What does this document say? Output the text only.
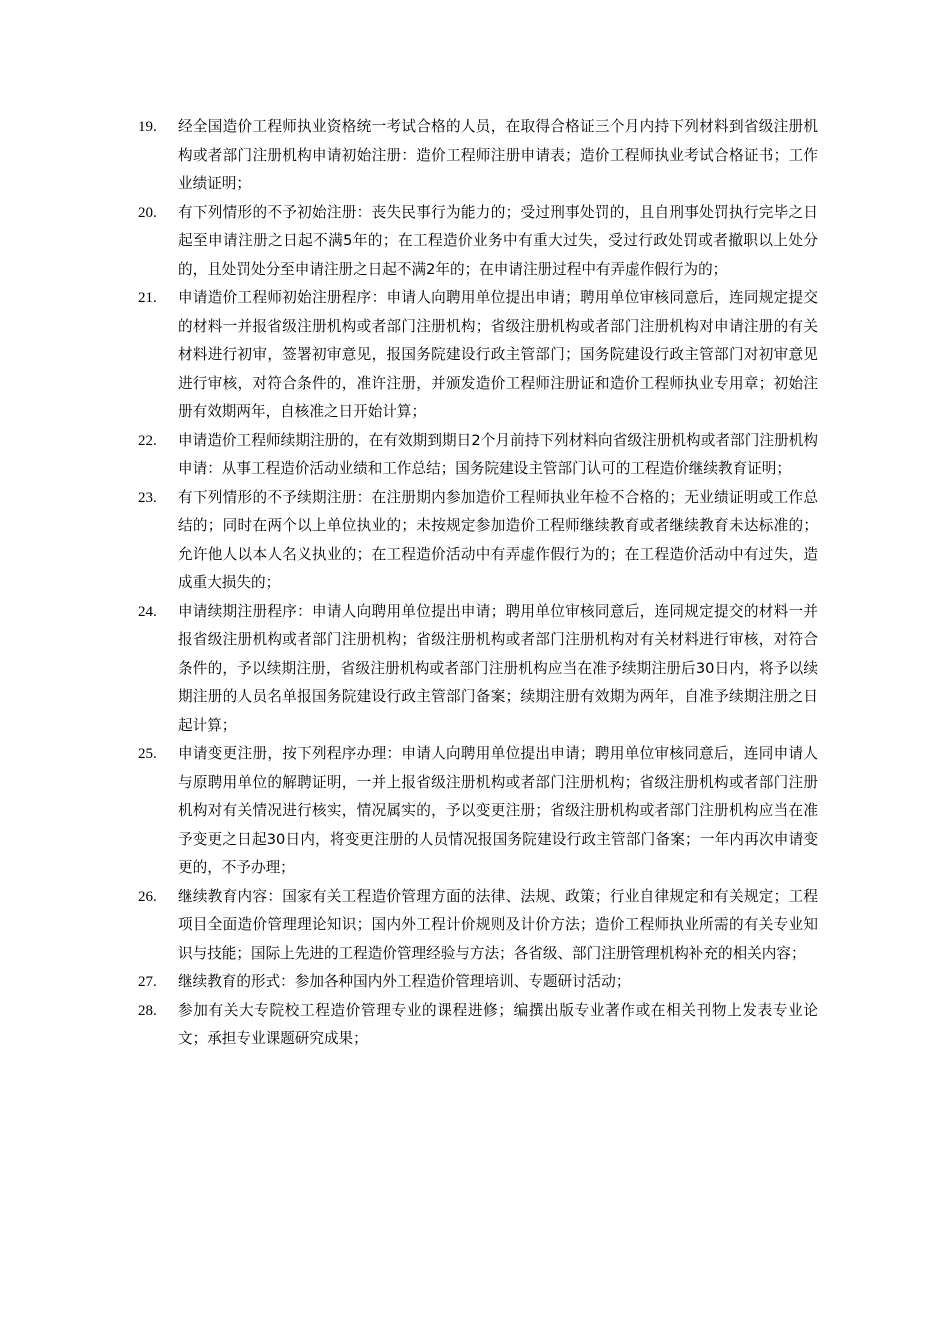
19.	经全国造价工程师执业资格统一考试合格的人员，在取得合格证三个月内持下列材料到省级注册机构或者部门注册机构申请初始注册：造价工程师注册申请表；造价工程师执业考试合格证书；工作业绩证明；

20.	有下列情形的不予初始注册：丧失民事行为能力的；受过刑事处罚的，且自刑事处罚执行完毕之日起至申请注册之日起不满5年的；在工程造价业务中有重大过失，受过行政处罚或者撤职以上处分的，且处罚处分至申请注册之日起不满2年的；在申请注册过程中有弄虚作假行为的；

21.	申请造价工程师初始注册程序：申请人向聘用单位提出申请；聘用单位审核同意后，连同规定提交的材料一并报省级注册机构或者部门注册机构；省级注册机构或者部门注册机构对申请注册的有关材料进行初审，签署初审意见，报国务院建设行政主管部门；国务院建设行政主管部门对初审意见进行审核，对符合条件的，准许注册，并颁发造价工程师注册证和造价工程师执业专用章；初始注册有效期两年，自核准之日开始计算；

22.	申请造价工程师续期注册的，在有效期到期日2个月前持下列材料向省级注册机构或者部门注册机构申请：从事工程造价活动业绩和工作总结；国务院建设主管部门认可的工程造价继续教育证明；

23.	有下列情形的不予续期注册：在注册期内参加造价工程师执业年检不合格的；无业绩证明或工作总结的；同时在两个以上单位执业的；未按规定参加造价工程师继续教育或者继续教育未达标准的；允许他人以本人名义执业的；在工程造价活动中有弄虚作假行为的；在工程造价活动中有过失，造成重大损失的；

24.	申请续期注册程序：申请人向聘用单位提出申请；聘用单位审核同意后，连同规定提交的材料一并报省级注册机构或者部门注册机构；省级注册机构或者部门注册机构对有关材料进行审核，对符合条件的，予以续期注册，省级注册机构或者部门注册机构应当在准予续期注册后30日内，将予以续期注册的人员名单报国务院建设行政主管部门备案；续期注册有效期为两年，自准予续期注册之日起计算；

25.	申请变更注册，按下列程序办理：申请人向聘用单位提出申请；聘用单位审核同意后，连同申请人与原聘用单位的解聘证明，一并上报省级注册机构或者部门注册机构；省级注册机构或者部门注册机构对有关情况进行核实，情况属实的，予以变更注册；省级注册机构或者部门注册机构应当在准予变更之日起30日内，将变更注册的人员情况报国务院建设行政主管部门备案；一年内再次申请变更的，不予办理；

26.	继续教育内容：国家有关工程造价管理方面的法律、法规、政策；行业自律规定和有关规定；工程项目全面造价管理理论知识；国内外工程计价规则及计价方法；造价工程师执业所需的有关专业知识与技能；国际上先进的工程造价管理经验与方法；各省级、部门注册管理机构补充的相关内容；

27.	继续教育的形式：参加各种国内外工程造价管理培训、专题研讨活动；

28.	参加有关大专院校工程造价管理专业的课程进修；编撰出版专业著作或在相关刊物上发表专业论文；承担专业课题研究成果；
